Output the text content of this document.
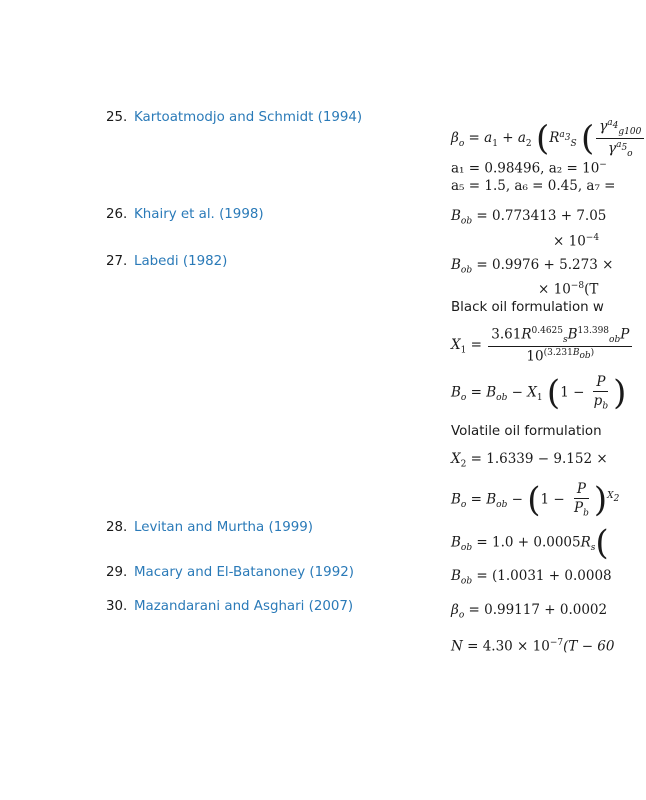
25. Kartoatmodjo and Schmidt (1994)
26. Khairy et al. (1998)
27. Labedi (1982)
28. Levitan and Murtha (1999)
29. Macary and El-Batanoney (1992)
30. Mazandarani and Asghari (2007)
$\beta_o = a_1 + a_2$ ($R^{a_3}_S$ ( $\frac{\gamma^{a_4}_{g100}}{\gamma^{a_5}_o}$
a₁ = 0.98496, a₂ = 10−
a₅ = 1.5, a₆ = 0.45, a₇ =
$B_{ob} = 0.773413 + 7.05$
× $10^{-4}$
$B_{ob} = 0.9976 + 5.273$ ×
× $10^{-8}(T$
Black oil formulation w
$X_1 = \frac{3.61R^{0.4625}_sB^{13.398}_{ob}P}{10^{(3.231B_{ob})}}$
$B_o = B_{ob} - X_1$ ($1 - \frac{P}{p_b}$ )
Volatile oil formulation
$X_2 = 1.6339 - 9.152$ ×
$B_o = B_{ob} - (1 - \frac{P}{P_b} )^{X_2}$
$B_{ob} = 1.0 + 0.0005R_s$(
$B_{ob} = (1.0031 + 0.0008$
$\beta_o = 0.99117 + 0.0002$
$N = 4.30 \times 10^{-7}(T - 60$
